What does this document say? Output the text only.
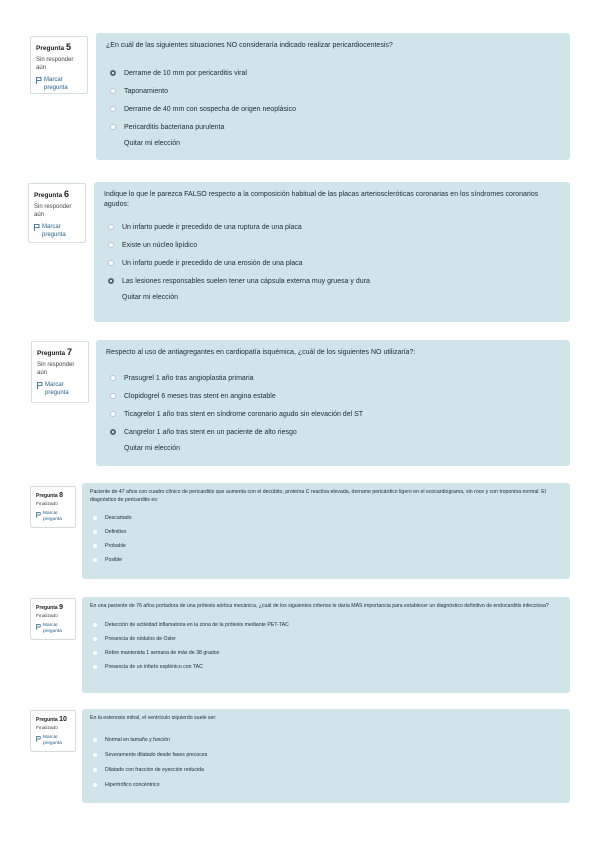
Pregunta 5
Sin responder aún
Marcar pregunta
¿En cuál de las siguientes situaciones NO consideraría indicado realizar pericardiocentesis?
Derrame de 10 mm por pericarditis viral
Taponamiento
Derrame de 40 mm con sospecha de origen neoplásico
Pericarditis bacteriana purulenta
Quitar mi elección
Pregunta 6
Sin responder aún
Marcar pregunta
Indique lo que le parezca FALSO respecto a la composición habitual de las placas arterioscleróticas coronarias en los síndromes coronarios agudos:
Un infarto puede ir precedido de una ruptura de una placa
Existe un núcleo lipídico
Un infarto puede ir precedido de una erosión de una placa
Las lesiones responsables suelen tener una cápsula externa muy gruesa y dura
Quitar mi elección
Pregunta 7
Sin responder aún
Marcar pregunta
Respecto al uso de antiagregantes en cardiopatía isquémica, ¿cuál de los siguientes NO utilizaría?:
Prasugrel 1 año tras angioplastia primaria
Clopidogrel 6 meses tras stent en angina estable
Ticagrelor 1 año tras stent en síndrome coronario agudo sin elevación del ST
Cangrelor 1 año tras stent en un paciente de alto riesgo
Quitar mi elección
Pregunta 8
Finalizado
Marcar pregunta
Paciente de 47 años con cuadro clínico de pericarditis que aumenta con el decúbito, proteína C reactiva elevada, derrame pericárdico ligero en el ecocardiograma, sin roce y con troponina normal. El diagnóstico de pericarditis es:
Descartado
Definitivo
Probable
Posible
Pregunta 9
Finalizado
Marcar pregunta
En una paciente de 76 años portadora de una prótesis aórtica mecánica, ¿cuál de los siguientes criterios le daría MÁS importancia para establecer un diagnóstico definitivo de endocarditis infecciosa?
Detección de actividad inflamatoria en la zona de la prótesis mediante PET-TAC
Presencia de nódulos de Osler
Rebre mantenida 1 semana de más de 38 grados
Presencia de un infarto esplénico con TAC
Pregunta 10
Finalizado
Marcar pregunta
En la estenosis mitral, el ventrículo izquierdo suele ser:
Normal en tamaño y función
Severamente dilatado desde fases precoces
Dilatado con fracción de eyección reducida
Hipertrófico concéntrico
